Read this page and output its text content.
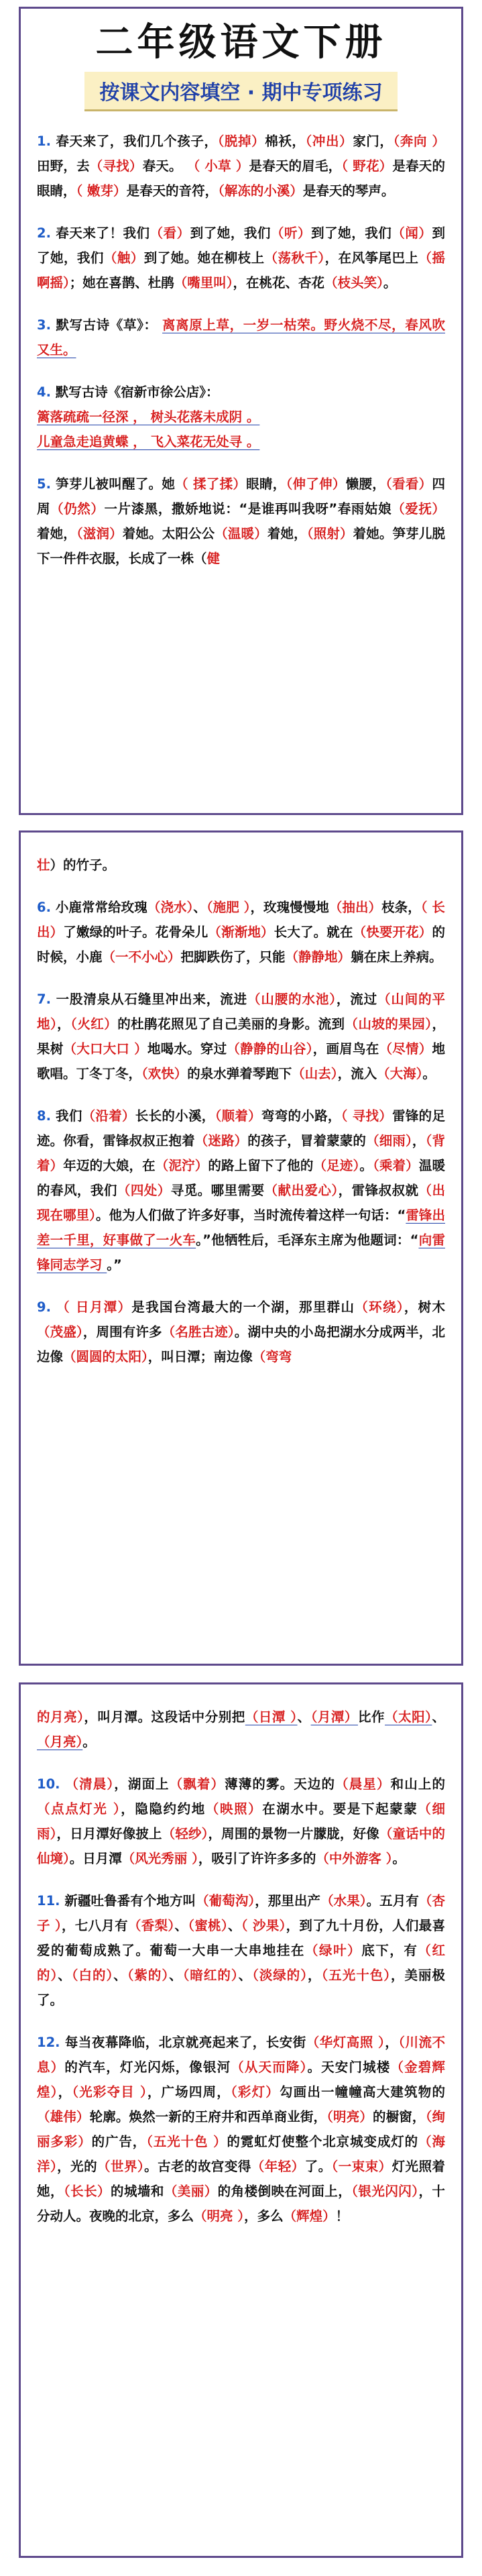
二年级语文下册
按课文内容填空 · 期中专项练习
1. 春天来了，我们几个孩子，（脱掉）棉袄，（冲出）家门，（奔向 ）田野，去（寻找）春天。 （ 小草 ）是春天的眉毛，（ 野花）是春天的眼睛，（ 嫩芽）是春天的音符，（解冻的小溪）是春天的琴声。
2. 春天来了！我们（看）到了她，我们（听）到了她，我们（闻）到了她，我们（触）到了她。她在柳枝上（荡秋千），在风筝尾巴上（摇啊摇）；她在喜鹊、杜鹃（嘴里叫），在桃花、杏花（枝头笑）。
3. 默写古诗《草》： 离离原上草，一岁一枯荣。野火烧不尽，春风吹又生。
4. 默写古诗《宿新市徐公店》：
篱落疏疏一径深 ， 树头花落未成阴 。
儿童急走追黄蝶 ， 飞入菜花无处寻 。
5. 笋芽儿被叫醒了。她（ 揉了揉）眼睛，（伸了伸）懒腰，（看看）四周（仍然）一片漆黑，撒娇地说：“是谁再叫我呀”春雨姑娘（爱抚）着她，（滋润）着她。太阳公公（温暖）着她，（照射）着她。笋芽儿脱下一件件衣服，长成了一株（健
壮）的竹子。
6. 小鹿常常给玫瑰（浇水）、（施肥 ），玫瑰慢慢地（抽出）枝条，（ 长出）了嫩绿的叶子。花骨朵儿（渐渐地）长大了。就在（快要开花）的时候，小鹿（一不小心）把脚跌伤了，只能（静静地）躺在床上养病。
7. 一股清泉从石缝里冲出来，流进（山腰的水池），流过（山间的平地），（火红）的杜鹃花照见了自己美丽的身影。流到（山坡的果园），果树（大口大口 ）地喝水。穿过（静静的山谷），画眉鸟在（尽情）地歌唱。丁冬丁冬，（欢快）的泉水弹着琴跑下（山去），流入（大海）。
8. 我们（沿着）长长的小溪，（顺着）弯弯的小路，（ 寻找）雷锋的足迹。你看，雷锋叔叔正抱着（迷路）的孩子，冒着蒙蒙的（细雨），（背着）年迈的大娘，在（泥泞）的路上留下了他的（足迹）。（乘着）温暖的春风，我们（四处）寻觅。哪里需要（献出爱心），雷锋叔叔就（出现在哪里）。他为人们做了许多好事，当时流传着这样一句话：“雷锋出差一千里，好事做了一火车。”他牺牲后，毛泽东主席为他题词：“向雷锋同志学习 。”
9. （ 日月潭）是我国台湾最大的一个湖，那里群山（环绕），树木（茂盛），周围有许多（名胜古迹）。湖中央的小岛把湖水分成两半，北边像（圆圆的太阳），叫日潭；南边像（弯弯
的月亮），叫月潭。这段话中分别把（日潭 ）、（月潭）比作（太阳）、（月亮）。
10. （清晨），湖面上（飘着）薄薄的雾。天边的（晨星）和山上的（点点灯光 ），隐隐约约地（映照）在湖水中。要是下起蒙蒙（细雨），日月潭好像披上（轻纱），周围的景物一片朦胧，好像（童话中的仙境）。日月潭（风光秀丽 ），吸引了许许多多的（中外游客 ）。
11. 新疆吐鲁番有个地方叫（葡萄沟），那里出产（水果）。五月有（杏子 ），七八月有（香梨）、（蜜桃）、（ 沙果），到了九十月份，人们最喜爱的葡萄成熟了。葡萄一大串一大串地挂在（绿叶）底下，有（红的）、（白的）、（紫的）、（暗红的）、（淡绿的），（五光十色），美丽极了。
12. 每当夜幕降临，北京就亮起来了，长安街（华灯高照 ），（川流不息）的汽车，灯光闪烁，像银河（从天而降）。天安门城楼（金碧辉煌），（光彩夺目 ），广场四周，（彩灯）勾画出一幢幢高大建筑物的（雄伟）轮廓。焕然一新的王府井和西单商业街，（明亮）的橱窗，（绚丽多彩）的广告，（五光十色 ）的霓虹灯使整个北京城变成灯的（海洋），光的（世界）。古老的故宫变得（年轻）了。（一束束）灯光照着她，（长长）的城墙和（美丽）的角楼倒映在河面上，（银光闪闪），十分动人。夜晚的北京，多么（明亮 ），多么（辉煌）！
